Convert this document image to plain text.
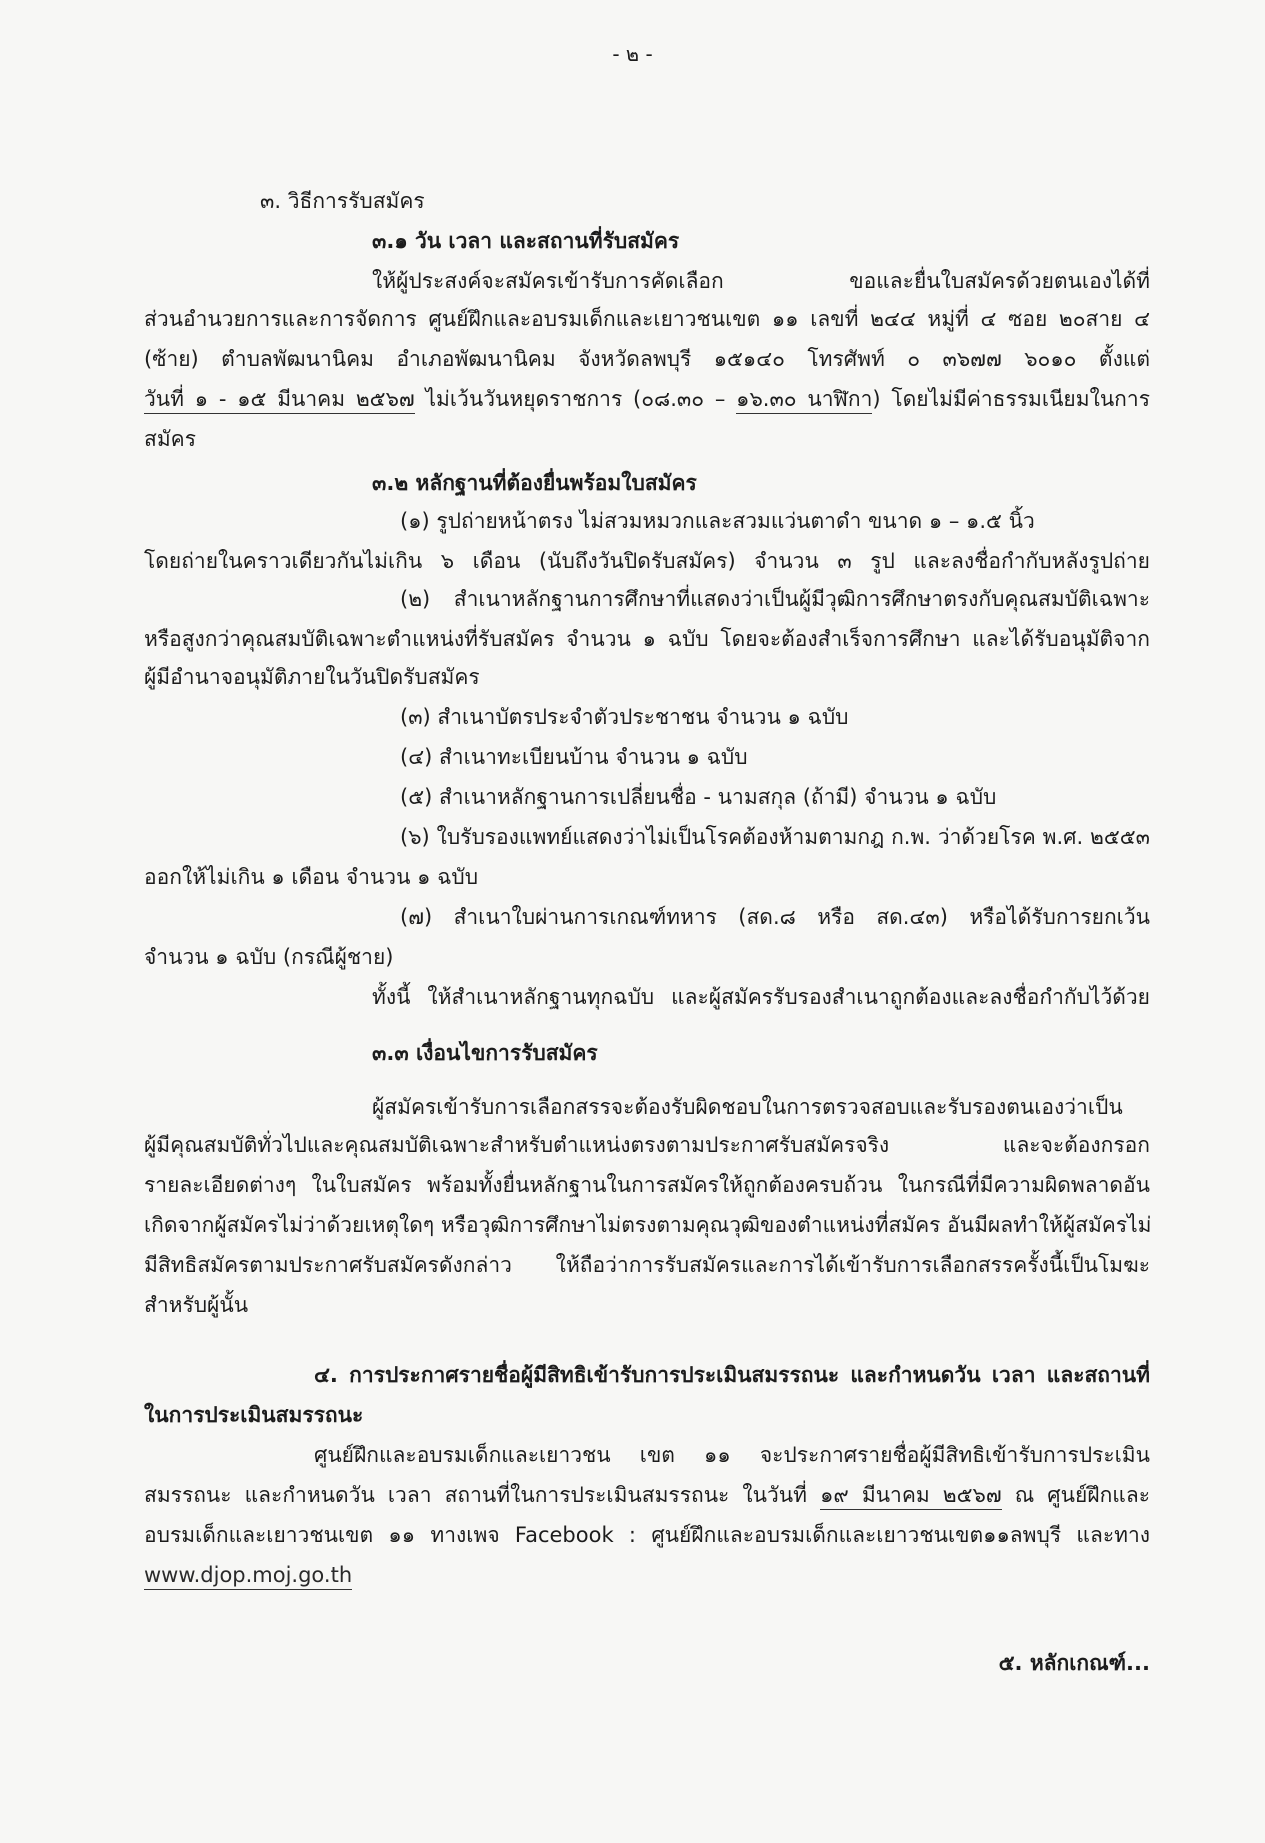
- ๒ -
๓. วิธีการรับสมัคร
๓.๑ วัน เวลา และสถานที่รับสมัคร
ให้ผู้ประสงค์จะสมัครเข้ารับการคัดเลือก ขอและยื่นใบสมัครด้วยตนเองได้ที่
ส่วนอำนวยการและการจัดการ ศูนย์ฝึกและอบรมเด็กและเยาวชนเขต ๑๑ เลขที่ ๒๔๔ หมู่ที่ ๔ ซอย ๒๐สาย ๔
(ซ้าย) ตำบลพัฒนานิคม อำเภอพัฒนานิคม จังหวัดลพบุรี ๑๕๑๔๐ โทรศัพท์ ๐ ๓๖๗๗ ๖๐๑๐ ตั้งแต่
วันที่ ๑ - ๑๕ มีนาคม ๒๕๖๗ ไม่เว้นวันหยุดราชการ (๐๘.๓๐ – ๑๖.๓๐ นาฬิกา) โดยไม่มีค่าธรรมเนียมในการ
สมัคร
๓.๒ หลักฐานที่ต้องยื่นพร้อมใบสมัคร
(๑) รูปถ่ายหน้าตรง ไม่สวมหมวกและสวมแว่นตาดำ ขนาด ๑ – ๑.๕ นิ้ว
โดยถ่ายในคราวเดียวกันไม่เกิน ๖ เดือน (นับถึงวันปิดรับสมัคร) จำนวน ๓ รูป และลงชื่อกำกับหลังรูปถ่าย
(๒) สำเนาหลักฐานการศึกษาที่แสดงว่าเป็นผู้มีวุฒิการศึกษาตรงกับคุณสมบัติเฉพาะ
หรือสูงกว่าคุณสมบัติเฉพาะตำแหน่งที่รับสมัคร จำนวน ๑ ฉบับ โดยจะต้องสำเร็จการศึกษา และได้รับอนุมัติจาก
ผู้มีอำนาจอนุมัติภายในวันปิดรับสมัคร
(๓) สำเนาบัตรประจำตัวประชาชน จำนวน ๑ ฉบับ
(๔) สำเนาทะเบียนบ้าน จำนวน ๑ ฉบับ
(๕) สำเนาหลักฐานการเปลี่ยนชื่อ - นามสกุล (ถ้ามี) จำนวน ๑ ฉบับ
(๖) ใบรับรองแพทย์แสดงว่าไม่เป็นโรคต้องห้ามตามกฎ ก.พ. ว่าด้วยโรค พ.ศ. ๒๕๕๓
ออกให้ไม่เกิน ๑ เดือน จำนวน ๑ ฉบับ
(๗) สำเนาใบผ่านการเกณฑ์ทหาร (สด.๘ หรือ สด.๔๓) หรือได้รับการยกเว้น
จำนวน ๑ ฉบับ (กรณีผู้ชาย)
ทั้งนี้ ให้สำเนาหลักฐานทุกฉบับ และผู้สมัครรับรองสำเนาถูกต้องและลงชื่อกำกับไว้ด้วย
๓.๓ เงื่อนไขการรับสมัคร
ผู้สมัครเข้ารับการเลือกสรรจะต้องรับผิดชอบในการตรวจสอบและรับรองตนเองว่าเป็น
ผู้มีคุณสมบัติทั่วไปและคุณสมบัติเฉพาะสำหรับตำแหน่งตรงตามประกาศรับสมัครจริง และจะต้องกรอก
รายละเอียดต่างๆ ในใบสมัคร พร้อมทั้งยื่นหลักฐานในการสมัครให้ถูกต้องครบถ้วน ในกรณีที่มีความผิดพลาดอัน
เกิดจากผู้สมัครไม่ว่าด้วยเหตุใดๆ หรือวุฒิการศึกษาไม่ตรงตามคุณวุฒิของตำแหน่งที่สมัคร อันมีผลทำให้ผู้สมัครไม่
มีสิทธิสมัครตามประกาศรับสมัครดังกล่าว ให้ถือว่าการรับสมัครและการได้เข้ารับการเลือกสรรครั้งนี้เป็นโมฆะ
สำหรับผู้นั้น
๔. การประกาศรายชื่อผู้มีสิทธิเข้ารับการประเมินสมรรถนะ และกำหนดวัน เวลา และสถานที่
ในการประเมินสมรรถนะ
ศูนย์ฝึกและอบรมเด็กและเยาวชน เขต ๑๑ จะประกาศรายชื่อผู้มีสิทธิเข้ารับการประเมิน
สมรรถนะ และกำหนดวัน เวลา สถานที่ในการประเมินสมรรถนะ ในวันที่ ๑๙ มีนาคม ๒๕๖๗ ณ ศูนย์ฝึกและ
อบรมเด็กและเยาวชนเขต ๑๑ ทางเพจ Facebook : ศูนย์ฝึกและอบรมเด็กและเยาวชนเขต๑๑ลพบุรี และทาง
www.djop.moj.go.th
๕. หลักเกณฑ์...
